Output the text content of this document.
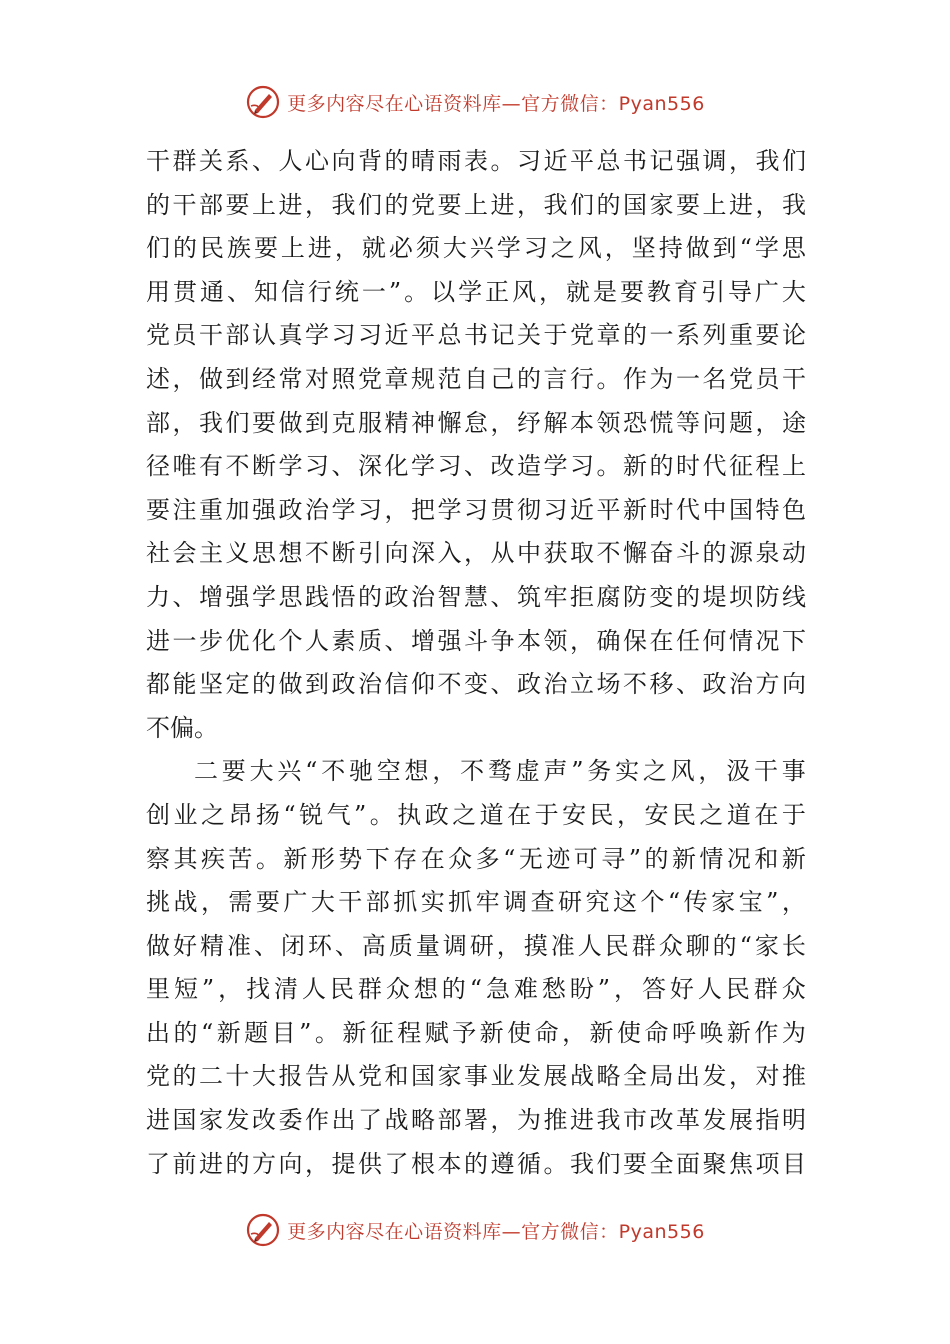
更多内容尽在心语资料库—官方微信：Pyan556
干 群 关 系 、 人 心 向 背 的 晴 雨 表 。 习 近 平 总 书 记 强 调 ， 我 们
的 干 部 要 上 进 ， 我 们 的 党 要 上 进 ， 我 们 的 国 家 要 上 进 ， 我
们 的 民 族 要 上 进 ， 就 必 须 大 兴 学 习 之 风 ， 坚 持 做 到 “ 学 思
用 贯 通 、 知 信 行 统 一 ” 。 以 学 正 风 ， 就 是 要 教 育 引 导 广 大
党 员 干 部 认 真 学 习 习 近 平 总 书 记 关 于 党 章 的 一 系 列 重 要 论
述 ， 做 到 经 常 对 照 党 章 规 范 自 己 的 言 行 。 作 为 一 名 党 员 干
部 ， 我 们 要 做 到 克 服 精 神 懈 怠 ， 纾 解 本 领 恐 慌 等 问 题 ， 途
径 唯 有 不 断 学 习 、 深 化 学 习 、 改 造 学 习 。 新 的 时 代 征 程 上
要 注 重 加 强 政 治 学 习 ， 把 学 习 贯 彻 习 近 平 新 时 代 中 国 特 色
社 会 主 义 思 想 不 断 引 向 深 入 ， 从 中 获 取 不 懈 奋 斗 的 源 泉 动
力 、 增 强 学 思 践 悟 的 政 治 智 慧 、 筑 牢 拒 腐 防 变 的 堤 坝 防 线
进 一 步 优 化 个 人 素 质 、 增 强 斗 争 本 领 ， 确 保 在 任 何 情 况 下
都 能 坚 定 的 做 到 政 治 信 仰 不 变 、 政 治 立 场 不 移 、 政 治 方 向
不偏。
二 要 大 兴 “ 不 驰 空 想 ， 不 骛 虚 声 ” 务 实 之 风 ， 汲 干 事
创 业 之 昂 扬 “ 锐 气 ” 。 执 政 之 道 在 于 安 民 ， 安 民 之 道 在 于
察 其 疾 苦 。 新 形 势 下 存 在 众 多 “ 无 迹 可 寻 ” 的 新 情 况 和 新
挑 战 ， 需 要 广 大 干 部 抓 实 抓 牢 调 查 研 究 这 个 “ 传 家 宝 ” ，
做 好 精 准 、 闭 环 、 高 质 量 调 研 ， 摸 准 人 民 群 众 聊 的 “ 家 长
里 短 ” ， 找 清 人 民 群 众 想 的 “ 急 难 愁 盼 ” ， 答 好 人 民 群 众
出 的 “ 新 题 目 ” 。 新 征 程 赋 予 新 使 命 ， 新 使 命 呼 唤 新 作 为
党 的 二 十 大 报 告 从 党 和 国 家 事 业 发 展 战 略 全 局 出 发 ， 对 推
进 国 家 发 改 委 作 出 了 战 略 部 署 ， 为 推 进 我 市 改 革 发 展 指 明
了 前 进 的 方 向 ， 提 供 了 根 本 的 遵 循 。 我 们 要 全 面 聚 焦 项 目
更多内容尽在心语资料库—官方微信：Pyan556
